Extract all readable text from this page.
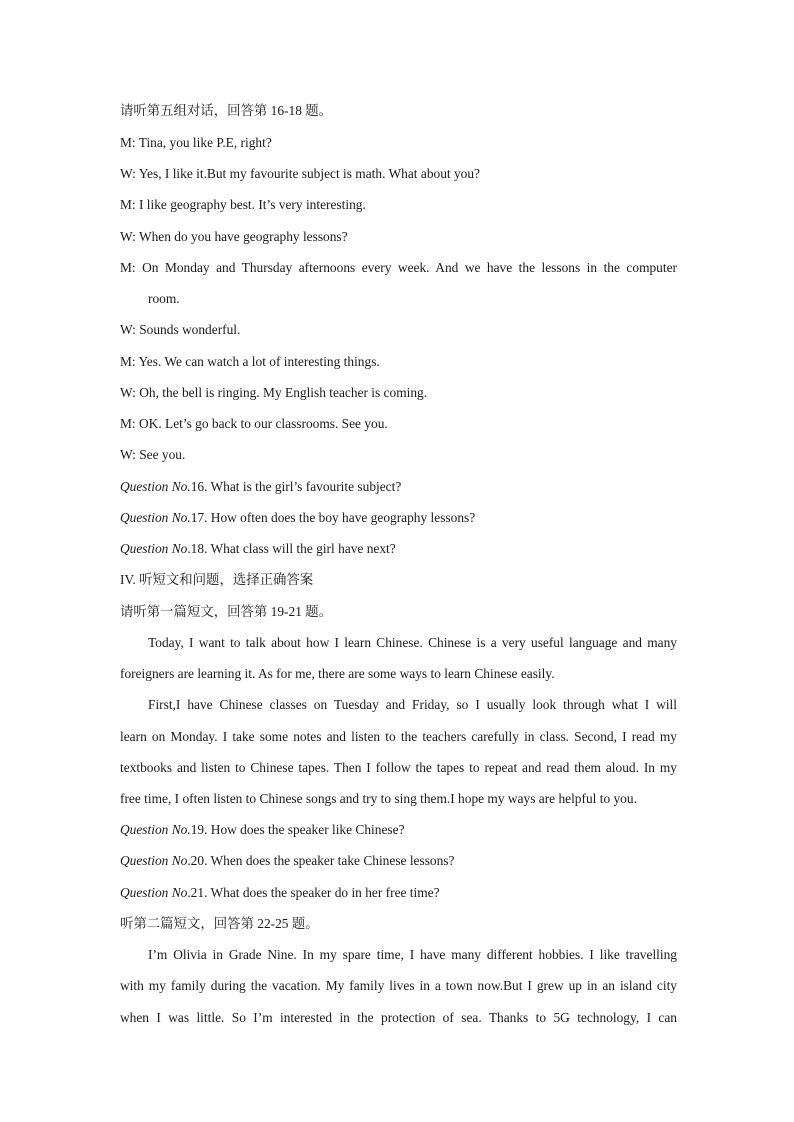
请听第五组对话，回答第 16-18 题。
M: Tina, you like P.E, right?
W: Yes, I like it.But my favourite subject is math. What about you?
M: I like geography best. It’s very interesting.
W: When do you have geography lessons?
M: On Monday and Thursday afternoons every week. And we have the lessons in the computer
room.
W: Sounds wonderful.
M: Yes. We can watch a lot of interesting things.
W: Oh, the bell is ringing. My English teacher is coming.
M: OK. Let’s go back to our classrooms. See you.
W: See you.
Question No.16. What is the girl’s favourite subject?
Question No.17. How often does the boy have geography lessons?
Question No.18. What class will the girl have next?
IV. 听短文和问题，选择正确答案
请听第一篇短文，回答第 19-21 题。
Today, I want to talk about how I learn Chinese. Chinese is a very useful language and many
foreigners are learning it. As for me, there are some ways to learn Chinese easily.
First,I have Chinese classes on Tuesday and Friday, so I usually look through what I will
learn on Monday. I take some notes and listen to the teachers carefully in class. Second, I read my
textbooks and listen to Chinese tapes. Then I follow the tapes to repeat and read them aloud. In my
free time, I often listen to Chinese songs and try to sing them.I hope my ways are helpful to you.
Question No.19. How does the speaker like Chinese?
Question No.20. When does the speaker take Chinese lessons?
Question No.21. What does the speaker do in her free time?
听第二篇短文，回答第 22-25 题。
I’m Olivia in Grade Nine. In my spare time, I have many different hobbies. I like travelling
with my family during the vacation. My family lives in a town now.But I grew up in an island city
when I was little. So I’m interested in the protection of sea. Thanks to 5G technology, I can
